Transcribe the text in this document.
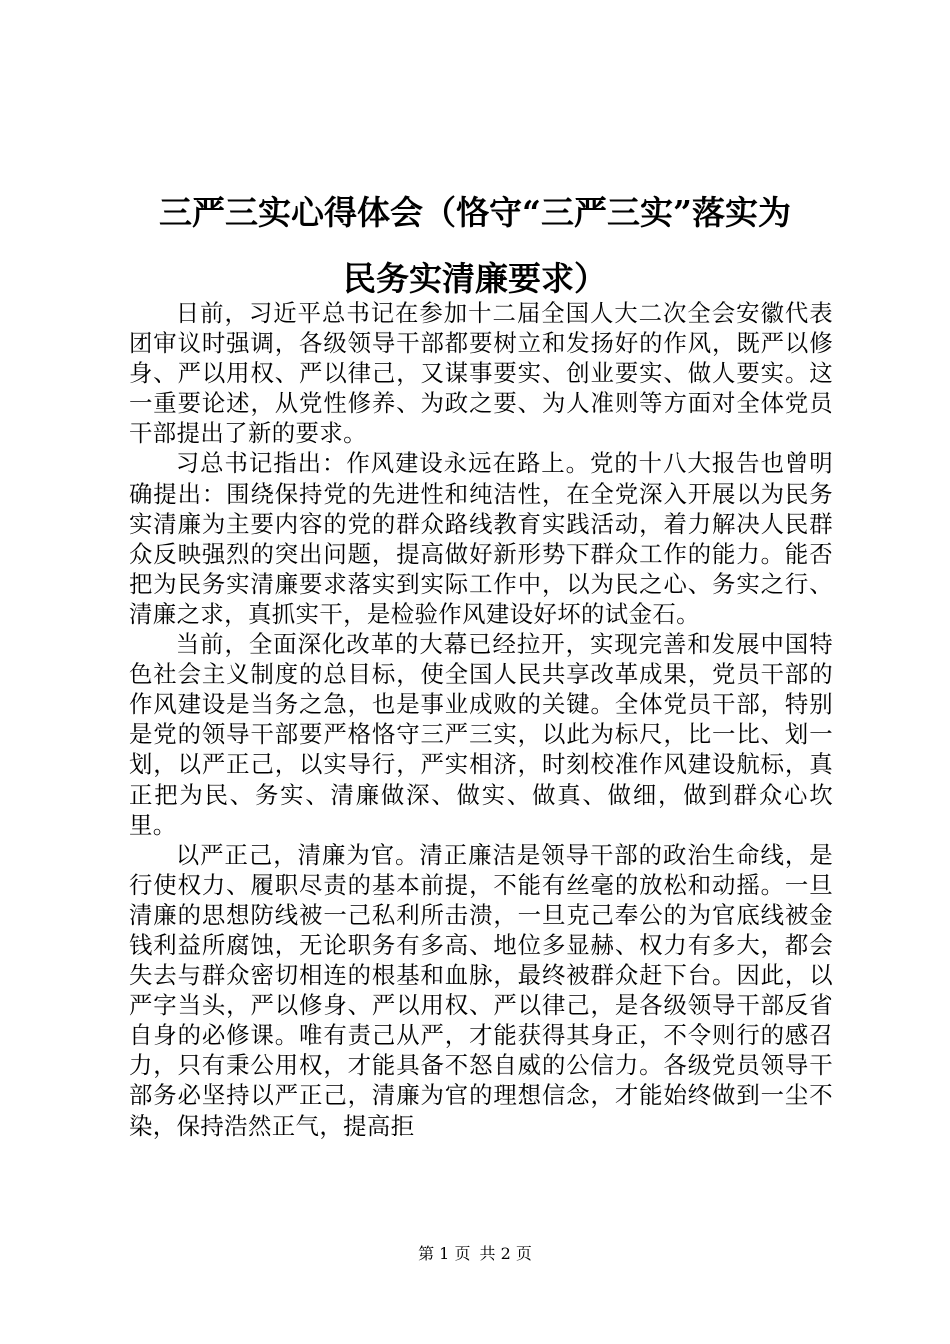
三严三实心得体会（恪守“三严三实”落实为
民务实清廉要求）

日前，习近平总书记在参加十二届全国人大二次全会安徽代表团审议时强调，各级领导干部都要树立和发扬好的作风，既严以修身、严以用权、严以律己，又谋事要实、创业要实、做人要实。这一重要论述，从党性修养、为政之要、为人准则等方面对全体党员干部提出了新的要求。

习总书记指出：作风建设永远在路上。党的十八大报告也曾明确提出：围绕保持党的先进性和纯洁性，在全党深入开展以为民务实清廉为主要内容的党的群众路线教育实践活动，着力解决人民群众反映强烈的突出问题，提高做好新形势下群众工作的能力。能否把为民务实清廉要求落实到实际工作中，以为民之心、务实之行、清廉之求，真抓实干，是检验作风建设好坏的试金石。

当前，全面深化改革的大幕已经拉开，实现完善和发展中国特色社会主义制度的总目标，使全国人民共享改革成果，党员干部的作风建设是当务之急，也是事业成败的关键。全体党员干部，特别是党的领导干部要严格恪守三严三实，以此为标尺，比一比、划一划，以严正己，以实导行，严实相济，时刻校准作风建设航标，真正把为民、务实、清廉做深、做实、做真、做细，做到群众心坎里。

以严正己，清廉为官。清正廉洁是领导干部的政治生命线，是行使权力、履职尽责的基本前提，不能有丝毫的放松和动摇。一旦清廉的思想防线被一己私利所击溃，一旦克己奉公的为官底线被金钱利益所腐蚀，无论职务有多高、地位多显赫、权力有多大，都会失去与群众密切相连的根基和血脉，最终被群众赶下台。因此，以严字当头，严以修身、严以用权、严以律己，是各级领导干部反省自身的必修课。唯有责己从严，才能获得其身正，不令则行的感召力，只有秉公用权，才能具备不怒自威的公信力。各级党员领导干部务必坚持以严正己，清廉为官的理想信念，才能始终做到一尘不染，保持浩然正气，提高拒

第 1 页 共 2 页
